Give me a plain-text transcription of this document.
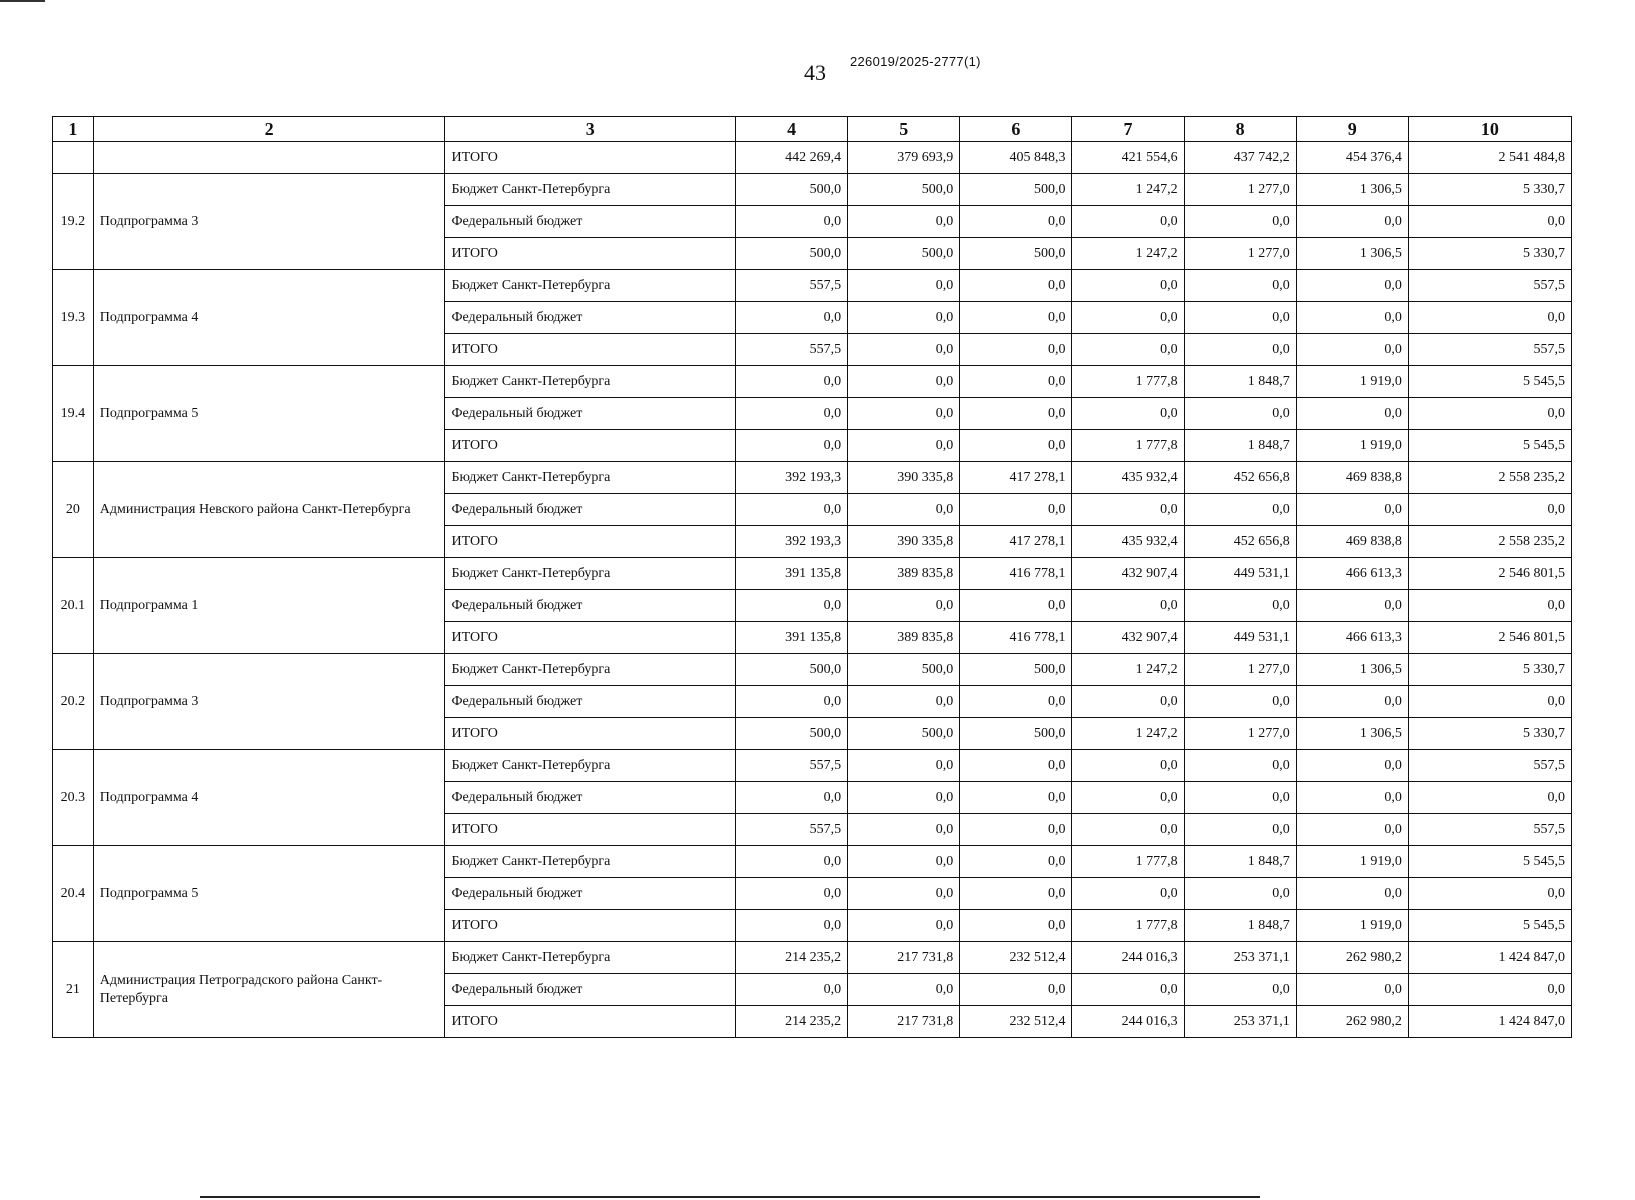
43 226019/2025-2777(1)
1	2	3	4	5	6	7	8	9	10
		ИТОГО	442 269,4	379 693,9	405 848,3	421 554,6	437 742,2	454 376,4	2 541 484,8
19.2	Подпрограмма 3	Бюджет Санкт-Петербурга	500,0	500,0	500,0	1 247,2	1 277,0	1 306,5	5 330,7
		Федеральный бюджет	0,0	0,0	0,0	0,0	0,0	0,0	0,0
		ИТОГО	500,0	500,0	500,0	1 247,2	1 277,0	1 306,5	5 330,7
19.3	Подпрограмма 4	Бюджет Санкт-Петербурга	557,5	0,0	0,0	0,0	0,0	0,0	557,5
		Федеральный бюджет	0,0	0,0	0,0	0,0	0,0	0,0	0,0
		ИТОГО	557,5	0,0	0,0	0,0	0,0	0,0	557,5
19.4	Подпрограмма 5	Бюджет Санкт-Петербурга	0,0	0,0	0,0	1 777,8	1 848,7	1 919,0	5 545,5
		Федеральный бюджет	0,0	0,0	0,0	0,0	0,0	0,0	0,0
		ИТОГО	0,0	0,0	0,0	1 777,8	1 848,7	1 919,0	5 545,5
20	Администрация Невского района Санкт-Петербурга	Бюджет Санкт-Петербурга	392 193,3	390 335,8	417 278,1	435 932,4	452 656,8	469 838,8	2 558 235,2
		Федеральный бюджет	0,0	0,0	0,0	0,0	0,0	0,0	0,0
		ИТОГО	392 193,3	390 335,8	417 278,1	435 932,4	452 656,8	469 838,8	2 558 235,2
20.1	Подпрограмма 1	Бюджет Санкт-Петербурга	391 135,8	389 835,8	416 778,1	432 907,4	449 531,1	466 613,3	2 546 801,5
		Федеральный бюджет	0,0	0,0	0,0	0,0	0,0	0,0	0,0
		ИТОГО	391 135,8	389 835,8	416 778,1	432 907,4	449 531,1	466 613,3	2 546 801,5
20.2	Подпрограмма 3	Бюджет Санкт-Петербурга	500,0	500,0	500,0	1 247,2	1 277,0	1 306,5	5 330,7
		Федеральный бюджет	0,0	0,0	0,0	0,0	0,0	0,0	0,0
		ИТОГО	500,0	500,0	500,0	1 247,2	1 277,0	1 306,5	5 330,7
20.3	Подпрограмма 4	Бюджет Санкт-Петербурга	557,5	0,0	0,0	0,0	0,0	0,0	557,5
		Федеральный бюджет	0,0	0,0	0,0	0,0	0,0	0,0	0,0
		ИТОГО	557,5	0,0	0,0	0,0	0,0	0,0	557,5
20.4	Подпрограмма 5	Бюджет Санкт-Петербурга	0,0	0,0	0,0	1 777,8	1 848,7	1 919,0	5 545,5
		Федеральный бюджет	0,0	0,0	0,0	0,0	0,0	0,0	0,0
		ИТОГО	0,0	0,0	0,0	1 777,8	1 848,7	1 919,0	5 545,5
21	Администрация Петроградского района Санкт-Петербурга	Бюджет Санкт-Петербурга	214 235,2	217 731,8	232 512,4	244 016,3	253 371,1	262 980,2	1 424 847,0
		Федеральный бюджет	0,0	0,0	0,0	0,0	0,0	0,0	0,0
		ИТОГО	214 235,2	217 731,8	232 512,4	244 016,3	253 371,1	262 980,2	1 424 847,0
